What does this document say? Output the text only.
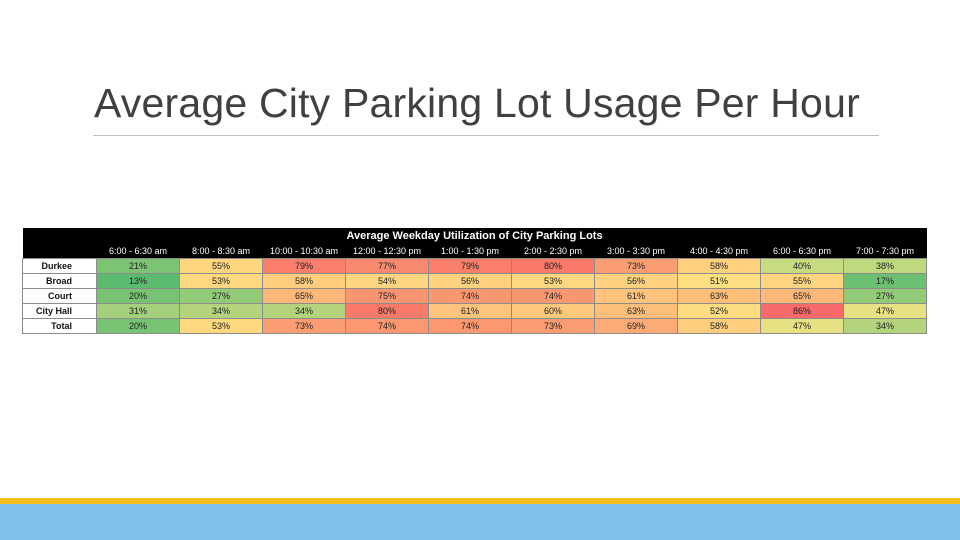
Average City Parking Lot Usage Per Hour
Average Weekday Utilization of City Parking Lots										
	6:00 - 6:30 am	8:00 - 8:30 am	10:00 - 10:30 am	12:00 - 12:30 pm	1:00 - 1:30 pm	2:00 - 2:30 pm	3:00 - 3:30 pm	4:00 - 4:30 pm	6:00 - 6:30 pm	7:00 - 7:30 pm
Durkee	21%	55%	79%	77%	79%	80%	73%	58%	40%	38%
Broad	13%	53%	58%	54%	56%	53%	56%	51%	55%	17%
Court	20%	27%	65%	75%	74%	74%	61%	63%	65%	27%
City Hall	31%	34%	34%	80%	61%	60%	63%	52%	86%	47%
Total	20%	53%	73%	74%	74%	73%	69%	58%	47%	34%
